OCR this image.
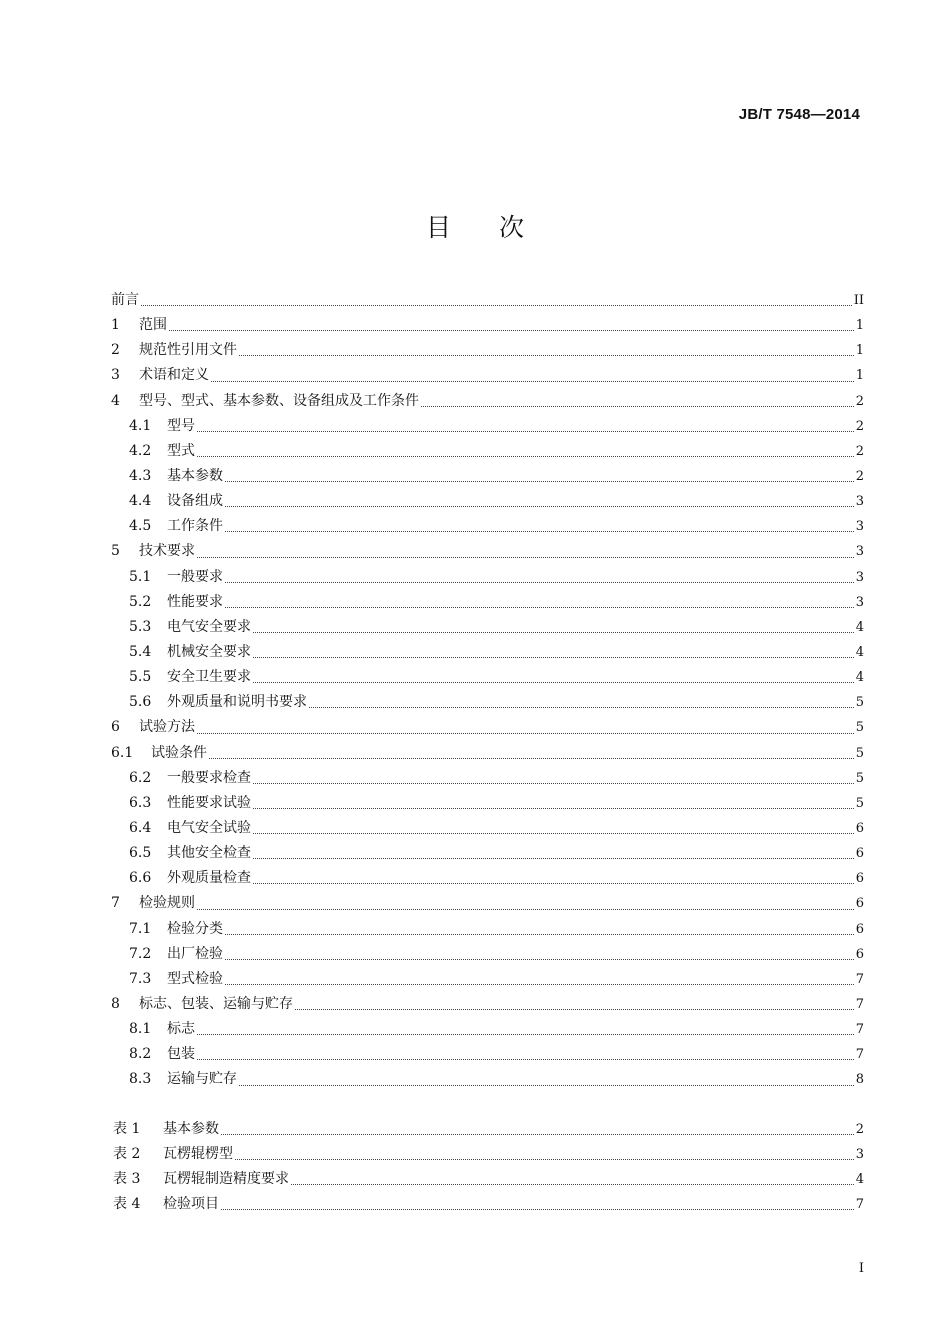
JB/T 7548—2014
目次
前言	II
1	范围	1
2	规范性引用文件	1
3	术语和定义	1
4	型号、型式、基本参数、设备组成及工作条件	2
4.1	型号	2
4.2	型式	2
4.3	基本参数	2
4.4	设备组成	3
4.5	工作条件	3
5	技术要求	3
5.1	一般要求	3
5.2	性能要求	3
5.3	电气安全要求	4
5.4	机械安全要求	4
5.5	安全卫生要求	4
5.6	外观质量和说明书要求	5
6	试验方法	5
6.1	试验条件	5
6.2	一般要求检查	5
6.3	性能要求试验	5
6.4	电气安全试验	6
6.5	其他安全检查	6
6.6	外观质量检查	6
7	检验规则	6
7.1	检验分类	6
7.2	出厂检验	6
7.3	型式检验	7
8	标志、包装、运输与贮存	7
8.1	标志	7
8.2	包装	7
8.3	运输与贮存	8
表 1	基本参数	2
表 2	瓦楞辊楞型	3
表 3	瓦楞辊制造精度要求	4
表 4	检验项目	7
I
